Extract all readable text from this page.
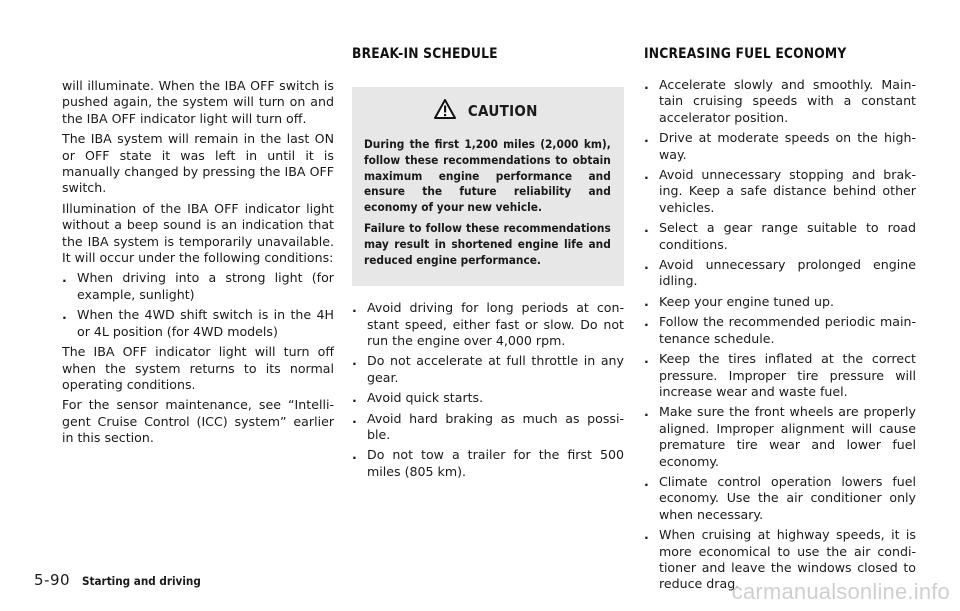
will illuminate. When the IBA OFF switch is pushed again, the system will turn on and the IBA OFF indicator light will turn off.

The IBA system will remain in the last ON or OFF state it was left in until it is manually changed by pressing the IBA OFF switch.

Illumination of the IBA OFF indicator light without a beep sound is an indication that the IBA system is temporarily unavailable. It will occur under the following conditions:

. When driving into a strong light (for example, sunlight)
. When the 4WD shift switch is in the 4H or 4L position (for 4WD models)

The IBA OFF indicator light will turn off when the system returns to its normal operating conditions.

For the sensor maintenance, see “Intelli- gent Cruise Control (ICC) system” earlier in this section.

BREAK-IN SCHEDULE	INCREASING FUEL ECONOMY
CAUTION

During the first 1,200 miles (2,000 km), follow these recommendations to obtain maximum engine performance and ensure the future reliability and economy of your new vehicle.

Failure to follow these recommendations may result in shortened engine life and reduced engine performance.

. Avoid driving for long periods at con- stant speed, either fast or slow. Do not run the engine over 4,000 rpm.
. Do not accelerate at full throttle in any gear.
. Avoid quick starts.
. Avoid hard braking as much as possi- ble.
. Do not tow a trailer for the first 500 miles (805 km).
. Accelerate slowly and smoothly. Main- tain cruising speeds with a constant accelerator position.
. Drive at moderate speeds on the high- way.
. Avoid unnecessary stopping and brak- ing. Keep a safe distance behind other vehicles.
. Select a gear range suitable to road conditions.
. Avoid unnecessary prolonged engine idling.
. Keep your engine tuned up.
. Follow the recommended periodic main- tenance schedule.
. Keep the tires inflated at the correct pressure. Improper tire pressure will increase wear and waste fuel.
. Make sure the front wheels are properly aligned. Improper alignment will cause premature tire wear and lower fuel economy.
. Climate control operation lowers fuel economy. Use the air conditioner only when necessary.
. When cruising at highway speeds, it is more economical to use the air condi- tioner and leave the windows closed to reduce drag.
5-90 Starting and driving	carmanualsonline.info
